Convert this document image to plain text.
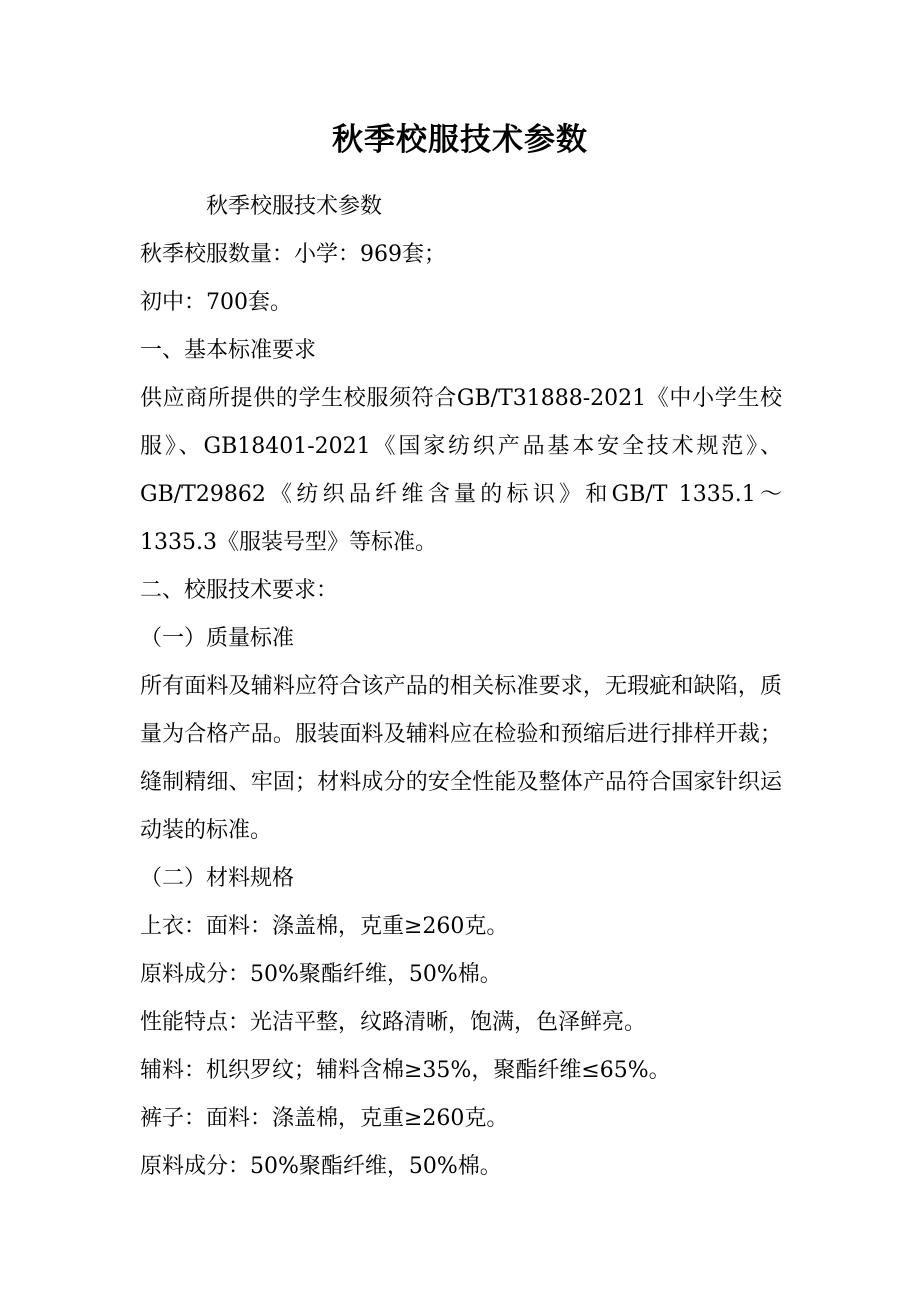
秋季校服技术参数

秋季校服技术参数

秋季校服数量：小学：969套；

初中：700套。

一、基本标准要求

供应商所提供的学生校服须符合GB/T31888-2021《中小学生校服》、GB18401-2021《国家纺织产品基本安全技术规范》、GB/T29862《纺织品纤维含量的标识》和GB/T 1335.1～1335.3《服装号型》等标准。

二、校服技术要求：

（一）质量标准

所有面料及辅料应符合该产品的相关标准要求，无瑕疵和缺陷，质量为合格产品。服装面料及辅料应在检验和预缩后进行排样开裁；缝制精细、牢固；材料成分的安全性能及整体产品符合国家针织运动装的标准。

（二）材料规格

上衣：面料：涤盖棉，克重≥260克。

原料成分：50%聚酯纤维，50%棉。

性能特点：光洁平整，纹路清晰，饱满，色泽鲜亮。

辅料：机织罗纹；辅料含棉≥35%，聚酯纤维≤65%。

裤子：面料：涤盖棉，克重≥260克。

原料成分：50%聚酯纤维，50%棉。
